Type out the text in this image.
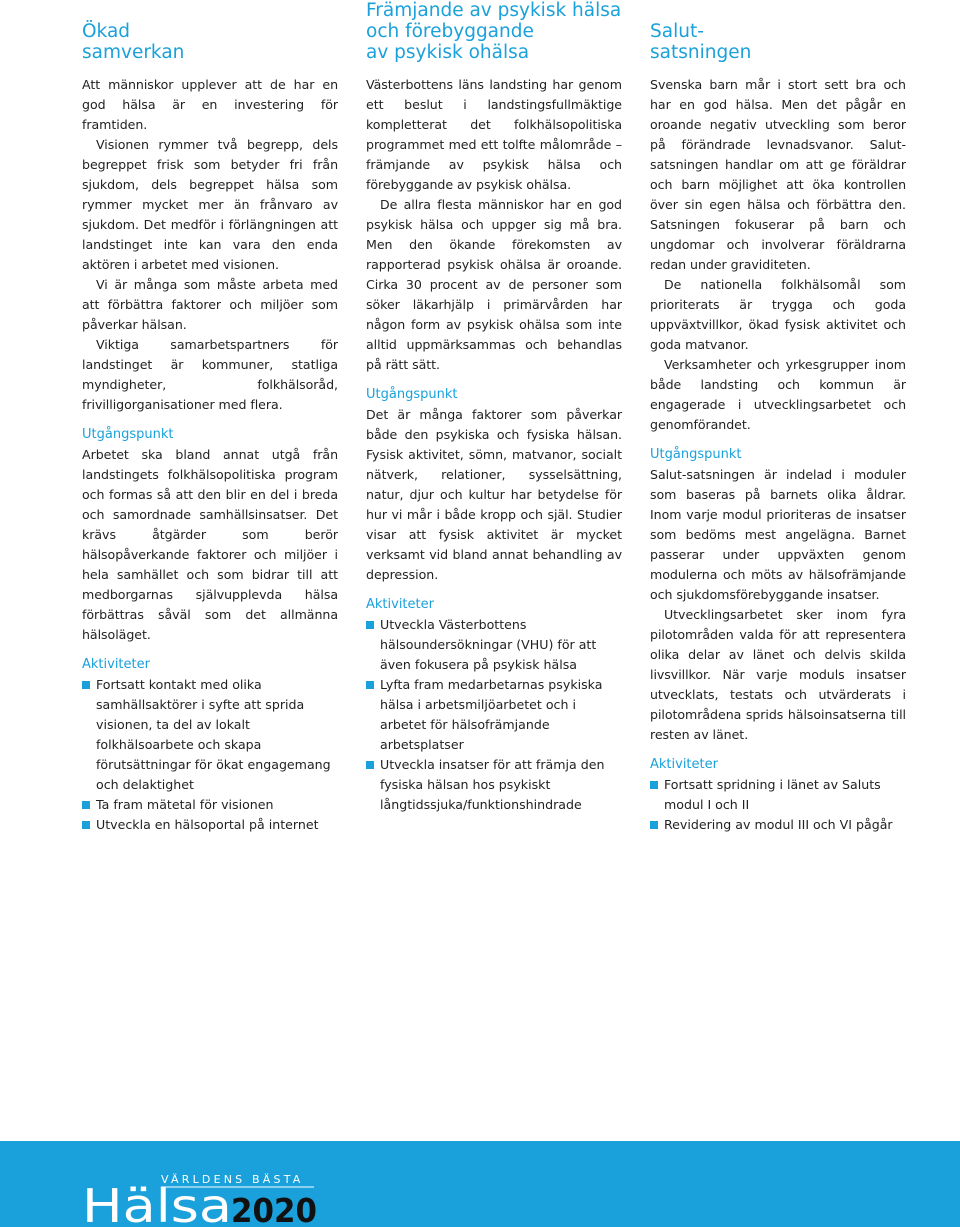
Ökad
samverkan

Att människor upplever att de har en god hälsa är en investering för framtiden.

Visionen rymmer två begrepp, dels begreppet frisk som betyder fri från sjukdom, dels begreppet hälsa som rymmer mycket mer än frånvaro av sjukdom. Det medför i förlängningen att landstinget inte kan vara den enda aktören i arbetet med visionen.

Vi är många som måste arbeta med att förbättra faktorer och miljöer som påverkar hälsan.

Viktiga samarbetspartners för landstinget är kommuner, statliga myndigheter, folkhälsoråd, frivilligorganisationer med flera.

Utgångspunkt

Arbetet ska bland annat utgå från landstingets folkhälsopolitiska program och formas så att den blir en del i breda och samordnade samhällsinsatser. Det krävs åtgärder som berör hälsopåverkande faktorer och miljöer i hela samhället och som bidrar till att medborgarnas självupplevda hälsa förbättras såväl som det allmänna hälsoläget.

Aktiviteter
Fortsatt kontakt med olika samhällsaktörer i syfte att sprida visionen, ta del av lokalt folkhälsoarbete och skapa förutsättningar för ökat engagemang och delaktighet
Ta fram mätetal för visionen
Utveckla en hälsoportal på internet
Främjande av psykisk hälsa
och förebyggande
av psykisk ohälsa

Västerbottens läns landsting har genom ett beslut i landstingsfullmäktige kompletterat det folkhälsopolitiska programmet med ett tolfte målområde – främjande av psykisk hälsa och förebyggande av psykisk ohälsa.

De allra flesta människor har en god psykisk hälsa och uppger sig må bra. Men den ökande förekomsten av rapporterad psykisk ohälsa är oroande. Cirka 30 procent av de personer som söker läkarhjälp i primärvården har någon form av psykisk ohälsa som inte alltid uppmärksammas och behandlas på rätt sätt.

Utgångspunkt

Det är många faktorer som påverkar både den psykiska och fysiska hälsan. Fysisk aktivitet, sömn, matvanor, socialt nätverk, relationer, sysselsättning, natur, djur och kultur har betydelse för hur vi mår i både kropp och själ. Studier visar att fysisk aktivitet är mycket verksamt vid bland annat behandling av depression.

Aktiviteter
Utveckla Västerbottens hälsoundersökningar (VHU) för att även fokusera på psykisk hälsa
Lyfta fram medarbetarnas psykiska hälsa i arbetsmiljöarbetet och i arbetet för hälsofrämjande arbetsplatser
Utveckla insatser för att främja den fysiska hälsan hos psykiskt långtidssjuka/funktionshindrade
Salut-
satsningen

Svenska barn mår i stort sett bra och har en god hälsa. Men det pågår en oroande negativ utveckling som beror på förändrade levnadsvanor. Salut-satsningen handlar om att ge föräldrar och barn möjlighet att öka kontrollen över sin egen hälsa och förbättra den. Satsningen fokuserar på barn och ungdomar och involverar föräldrarna redan under graviditeten.

De nationella folkhälsomål som prioriterats är trygga och goda uppväxtvillkor, ökad fysisk aktivitet och goda matvanor.

Verksamheter och yrkesgrupper inom både landsting och kommun är engagerade i utvecklingsarbetet och genomförandet.

Utgångspunkt

Salut-satsningen är indelad i moduler som baseras på barnets olika åldrar. Inom varje modul prioriteras de insatser som bedöms mest angelägna. Barnet passerar under uppväxten genom modulerna och möts av hälsofrämjande och sjukdomsförebyggande insatser.

Utvecklingsarbetet sker inom fyra pilotområden valda för att representera olika delar av länet och delvis skilda livsvillkor. När varje moduls insatser utvecklats, testats och utvärderats i pilotområdena sprids hälsoinsatserna till resten av länet.

Aktiviteter
Fortsatt spridning i länet av Saluts modul I och II
Revidering av modul III och VI pågår
VÄRLDENS BÄSTA
Hälsa 2020
